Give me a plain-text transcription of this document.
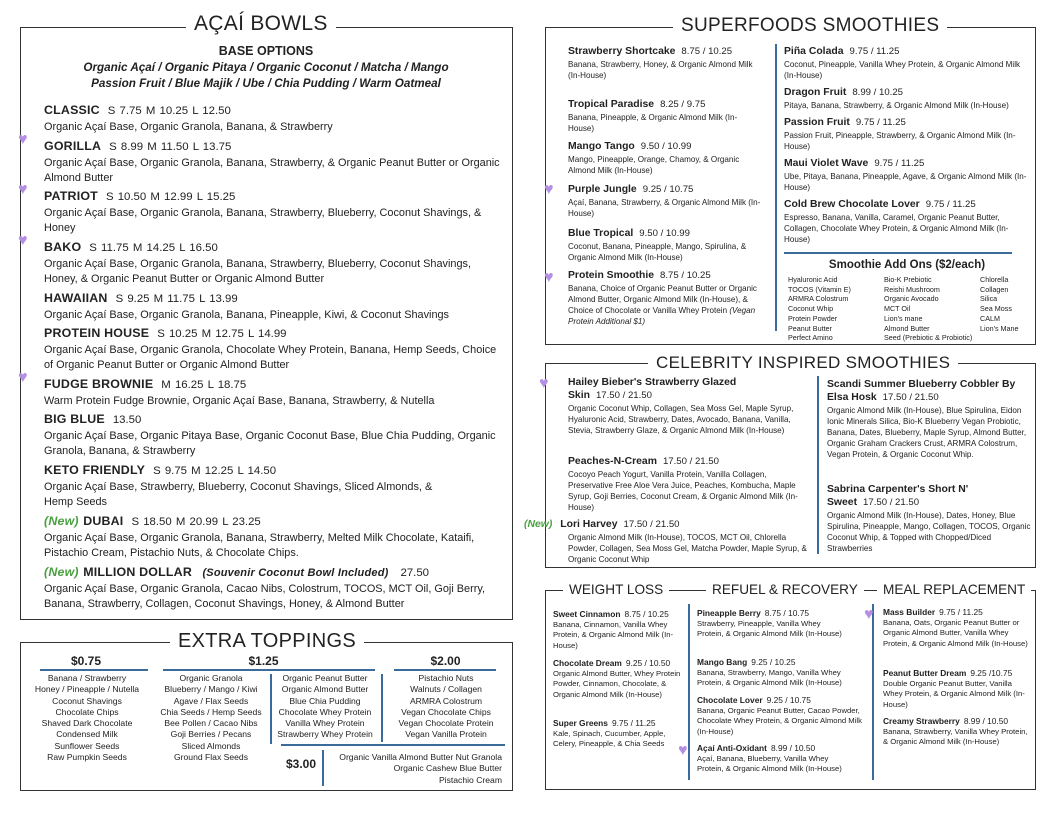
AÇAÍ BOWLS
BASE OPTIONS
Organic Açaí / Organic Pitaya / Organic Coconut / Matcha / Mango
Passion Fruit / Blue Majik / Ube / Chia Pudding / Warm Oatmeal
CLASSIC S 7.75 M 10.25 L 12.50
Organic Açaí Base, Organic Granola, Banana, & Strawberry
♥	GORILLA S 8.99 M 11.50 L 13.75
Organic Açaí Base, Organic Granola, Banana, Strawberry, & Organic Peanut Butter or Organic Almond Butter
♥	PATRIOT S 10.50 M 12.99 L 15.25
Organic Açaí Base, Organic Granola, Banana, Strawberry, Blueberry, Coconut Shavings, & Honey
♥	BAKO S 11.75 M 14.25 L 16.50
Organic Açaí Base, Organic Granola, Banana, Strawberry, Blueberry, Coconut Shavings, Honey, & Organic Peanut Butter or Organic Almond Butter
HAWAIIAN S 9.25 M 11.75 L 13.99
Organic Açaí Base, Organic Granola, Banana, Pineapple, Kiwi, & Coconut Shavings
PROTEIN HOUSE S 10.25 M 12.75 L 14.99
Organic Açaí Base, Organic Granola, Chocolate Whey Protein, Banana, Hemp Seeds, Choice of Organic Peanut Butter or Organic Almond Butter
♥	FUDGE BROWNIE M 16.25 L 18.75
Warm Protein Fudge Brownie, Organic Açaí Base, Banana, Strawberry, & Nutella
BIG BLUE 13.50
Organic Açaí Base, Organic Pitaya Base, Organic Coconut Base, Blue Chia Pudding, Organic Granola, Banana, & Strawberry
KETO FRIENDLY S 9.75 M 12.25 L 14.50
Organic Açaí Base, Strawberry, Blueberry, Coconut Shavings, Sliced Almonds, & Hemp Seeds
(New) DUBAI S 18.50 M 20.99 L 23.25
Organic Açaí Base, Organic Granola, Banana, Strawberry, Melted Milk Chocolate, Kataifi, Pistachio Cream, Pistachio Nuts, & Chocolate Chips.
(New) MILLION DOLLAR (Souvenir Coconut Bowl Included) 27.50
Organic Açaí Base, Organic Granola, Cacao Nibs, Colostrum, TOCOS, MCT Oil, Goji Berry, Banana, Strawberry, Collagen, Coconut Shavings, Honey, & Almond Butter
EXTRA TOPPINGS
$0.75
Banana / Strawberry
Honey / Pineapple / Nutella
Coconut Shavings
Chocolate Chips
Shaved Dark Chocolate
Condensed Milk
Sunflower Seeds
Raw Pumpkin Seeds
$1.25
Organic Granola
Blueberry / Mango / Kiwi
Agave / Flax Seeds
Chia Seeds / Hemp Seeds
Bee Pollen / Cacao Nibs
Goji Berries / Pecans
Sliced Almonds
Ground Flax Seeds
Organic Peanut Butter
Organic Almond Butter
Blue Chia Pudding
Chocolate Whey Protein
Vanilla Whey Protein
Strawberry Whey Protein
$2.00
Pistachio Nuts
Walnuts / Collagen
ARMRA Colostrum
Vegan Chocolate Chips
Vegan Chocolate Protein
Vegan Vanilla Protein
$3.00	Organic Vanilla Almond Butter Nut Granola
Organic Cashew Blue Butter
Pistachio Cream
SUPERFOODS SMOOTHIES
Strawberry Shortcake 8.75 / 10.25
Banana, Strawberry, Honey, & Organic Almond Milk (In-House)
Tropical Paradise 8.25 / 9.75
Banana, Pineapple, & Organic Almond Milk (In-House)
Mango Tango 9.50 / 10.99
Mango, Pineapple, Orange, Chamoy, & Organic Almond Milk (In-House)
♥	Purple Jungle 9.25 / 10.75
Açaí, Banana, Strawberry, & Organic Almond Milk (In-House)
Blue Tropical 9.50 / 10.99
Coconut, Banana, Pineapple, Mango, Spirulina, & Organic Almond Milk (In-House)
♥	Protein Smoothie 8.75 / 10.25
Banana, Choice of Organic Peanut Butter or Organic Almond Butter, Organic Almond Milk (In-House), & Choice of Chocolate or Vanilla Whey Protein (Vegan Protein Additional $1)
Piña Colada 9.75 / 11.25
Coconut, Pineapple, Vanilla Whey Protein, & Organic Almond Milk (In-House)
Dragon Fruit 8.99 / 10.25
Pitaya, Banana, Strawberry, & Organic Almond Milk (In-House)
Passion Fruit 9.75 / 11.25
Passion Fruit, Pineapple, Strawberry, & Organic Almond Milk (In-House)
Maui Violet Wave 9.75 / 11.25
Ube, Pitaya, Banana, Pineapple, Agave, & Organic Almond Milk (In-House)
Cold Brew Chocolate Lover 9.75 / 11.25
Espresso, Banana, Vanilla, Caramel, Organic Peanut Butter, Collagen, Chocolate Whey Protein, & Organic Almond Milk (In-House)
Smoothie Add Ons ($2/each)
Hyaluronic Acid
TOCOS (Vitamin E)
ARMRA Colostrum
Coconut Whip
Protein Powder
Peanut Butter
Perfect Amino
Bio-K Prebiotic
Reishi Mushroom
Organic Avocado
MCT Oil
Lion's mane
Almond Butter
Seed (Prebiotic & Probiotic)
Chlorella
Collagen
Silica
Sea Moss
CALM
Lion's Mane
CELEBRITY INSPIRED SMOOTHIES
♥	Hailey Bieber's Strawberry Glazed Skin 17.50 / 21.50
Organic Coconut Whip, Collagen, Sea Moss Gel, Maple Syrup, Hyaluronic Acid, Strawberry, Dates, Avocado, Banana, Vanilla, Stevia, Strawberry Glaze, & Organic Almond Milk (In-House)
Peaches-N-Cream 17.50 / 21.50
Cocoyo Peach Yogurt, Vanilla Protein, Vanilla Collagen, Preservative Free Aloe Vera Juice, Peaches, Kombucha, Maple Syrup, Goji Berries, Coconut Cream, & Organic Almond Milk (In-House)
(New) Lori Harvey 17.50 / 21.50
Organic Almond Milk (In-House), TOCOS, MCT Oil, Chlorella Powder, Collagen, Sea Moss Gel, Matcha Powder, Maple Syrup, & Organic Coconut Whip
Scandi Summer Blueberry Cobbler By Elsa Hosk 17.50 / 21.50
Organic Almond Milk (In-House), Blue Spirulina, Eidon Ionic Minerals Silica, Bio-K Blueberry Vegan Probiotic, Banana, Dates, Blueberry, Maple Syrup, Almond Butter, Organic Graham Crackers Crust, ARMRA Colostrum, Vegan Protein, & Organic Coconut Whip.
Sabrina Carpenter's Short N' Sweet 17.50 / 21.50
Organic Almond Milk (In-House), Dates, Honey, Blue Spirulina, Pineapple, Mango, Collagen, TOCOS, Organic Coconut Whip, & Topped with Chopped/Diced Strawberries
WEIGHT LOSS	REFUEL & RECOVERY	MEAL REPLACEMENT
Sweet Cinnamon 8.75 / 10.25
Banana, Cinnamon, Vanilla Whey Protein, & Organic Almond Milk (In-House)
Chocolate Dream 9.25 / 10.50
Organic Almond Butter, Whey Protein Powder, Cinnamon, Chocolate, & Organic Almond Milk (In-House)
Super Greens 9.75 / 11.25
Kale, Spinach, Cucumber, Apple, Celery, Pineapple, & Chia Seeds
Pineapple Berry 8.75 / 10.75
Strawberry, Pineapple, Vanilla Whey Protein, & Organic Almond Milk (In-House)
Mango Bang 9.25 / 10.25
Banana, Strawberry, Mango, Vanilla Whey Protein, & Organic Almond Milk (In-House)
Chocolate Lover 9.25 / 10.75
Banana, Organic Peanut Butter, Cacao Powder, Chocolate Whey Protein, & Organic Almond Milk (In-House)
♥	Açaí Anti-Oxidant 8.99 / 10.50
Açaí, Banana, Blueberry, Vanilla Whey Protein, & Organic Almond Milk (In-House)
♥	Mass Builder 9.75 / 11.25
Banana, Oats, Organic Peanut Butter or Organic Almond Butter, Vanilla Whey Protein, & Organic Almond Milk (In-House)
Peanut Butter Dream 9.25 /10.75
Double Organic Peanut Butter, Vanilla Whey Protein, & Organic Almond Milk (In-House)
Creamy Strawberry 8.99 / 10.50
Banana, Strawberry, Vanilla Whey Protein, & Organic Almond Milk (In-House)
